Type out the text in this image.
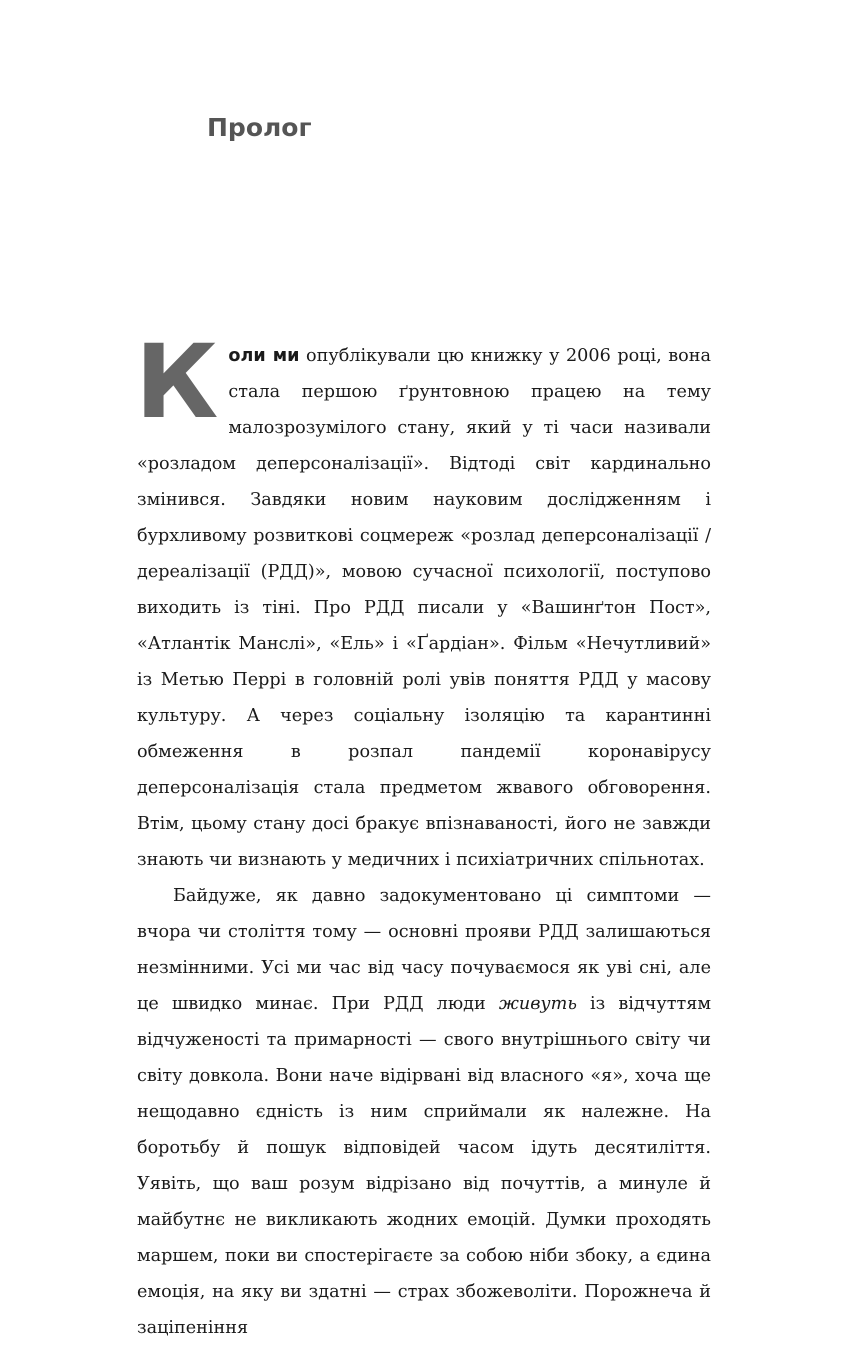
Пролог

Коли ми опублікували цю книжку у 2006 році, вона стала першою ґрунтовною працею на тему малозрозумілого стану, який у ті часи називали «розладом деперсоналізації». Відтоді світ кардинально змінився. Завдяки новим науковим дослідженням і бурхливому розвиткові соцмереж «розлад деперсоналізації / дереалізації (РДД)», мовою сучасної психології, поступово виходить із тіні. Про РДД писали у «Вашинґтон Пост», «Атлантік Манслі», «Ель» і «Ґардіан». Фільм «Нечутливий» із Метью Перрі в головній ролі увів поняття РДД у масову культуру. А через соціальну ізоляцію та карантинні обмеження в розпал пандемії коронавірусу деперсоналізація стала предметом жвавого обговорення. Втім, цьому стану досі бракує впізнаваності, його не завжди знають чи визнають у медичних і психіатричних спільнотах.

Байдуже, як давно задокументовано ці симптоми — вчора чи століття тому — основні прояви РДД залишаються незмінними. Усі ми час від часу почуваємося як уві сні, але це швидко минає. При РДД люди живуть із відчуттям відчуженості та примарності — свого внутрішнього світу чи світу довкола. Вони наче відірвані від власного «я», хоча ще нещодавно єдність із ним сприймали як належне. На боротьбу й пошук відповідей часом ідуть десятиліття. Уявіть, що ваш розум відрізано від почуттів, а минуле й майбутнє не викликають жодних емоцій. Думки проходять маршем, поки ви спостерігаєте за собою ніби збоку, а єдина емоція, на яку ви здатні — страх збожеволіти. Порожнеча й заціпеніння
